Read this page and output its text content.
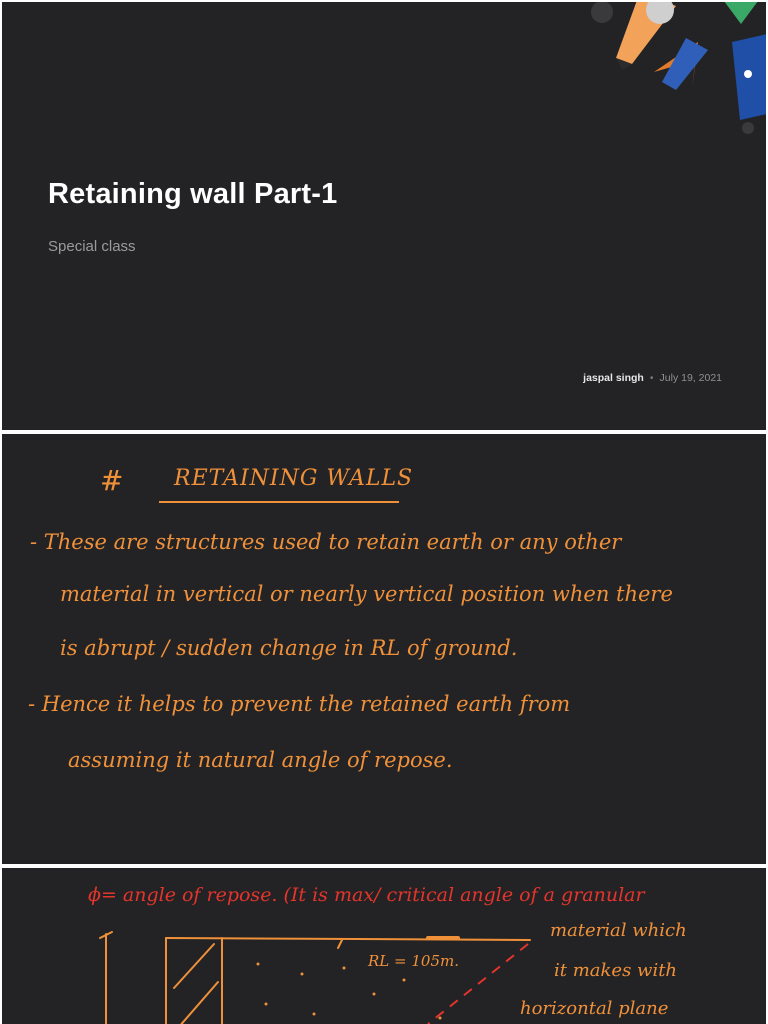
Retaining wall Part-1
Special class
jaspal singh • July 19, 2021
# RETAINING WALLS
- These are structures used to retain earth or any other
material in vertical or nearly vertical position when there
is abrupt / sudden change in RL of ground.
- Hence it helps to prevent the retained earth from
assuming it natural angle of repose.
ϕ= angle of repose. (It is max/ critical angle of a granular
material which
it makes with
horizontal plane
RL = 105m.
